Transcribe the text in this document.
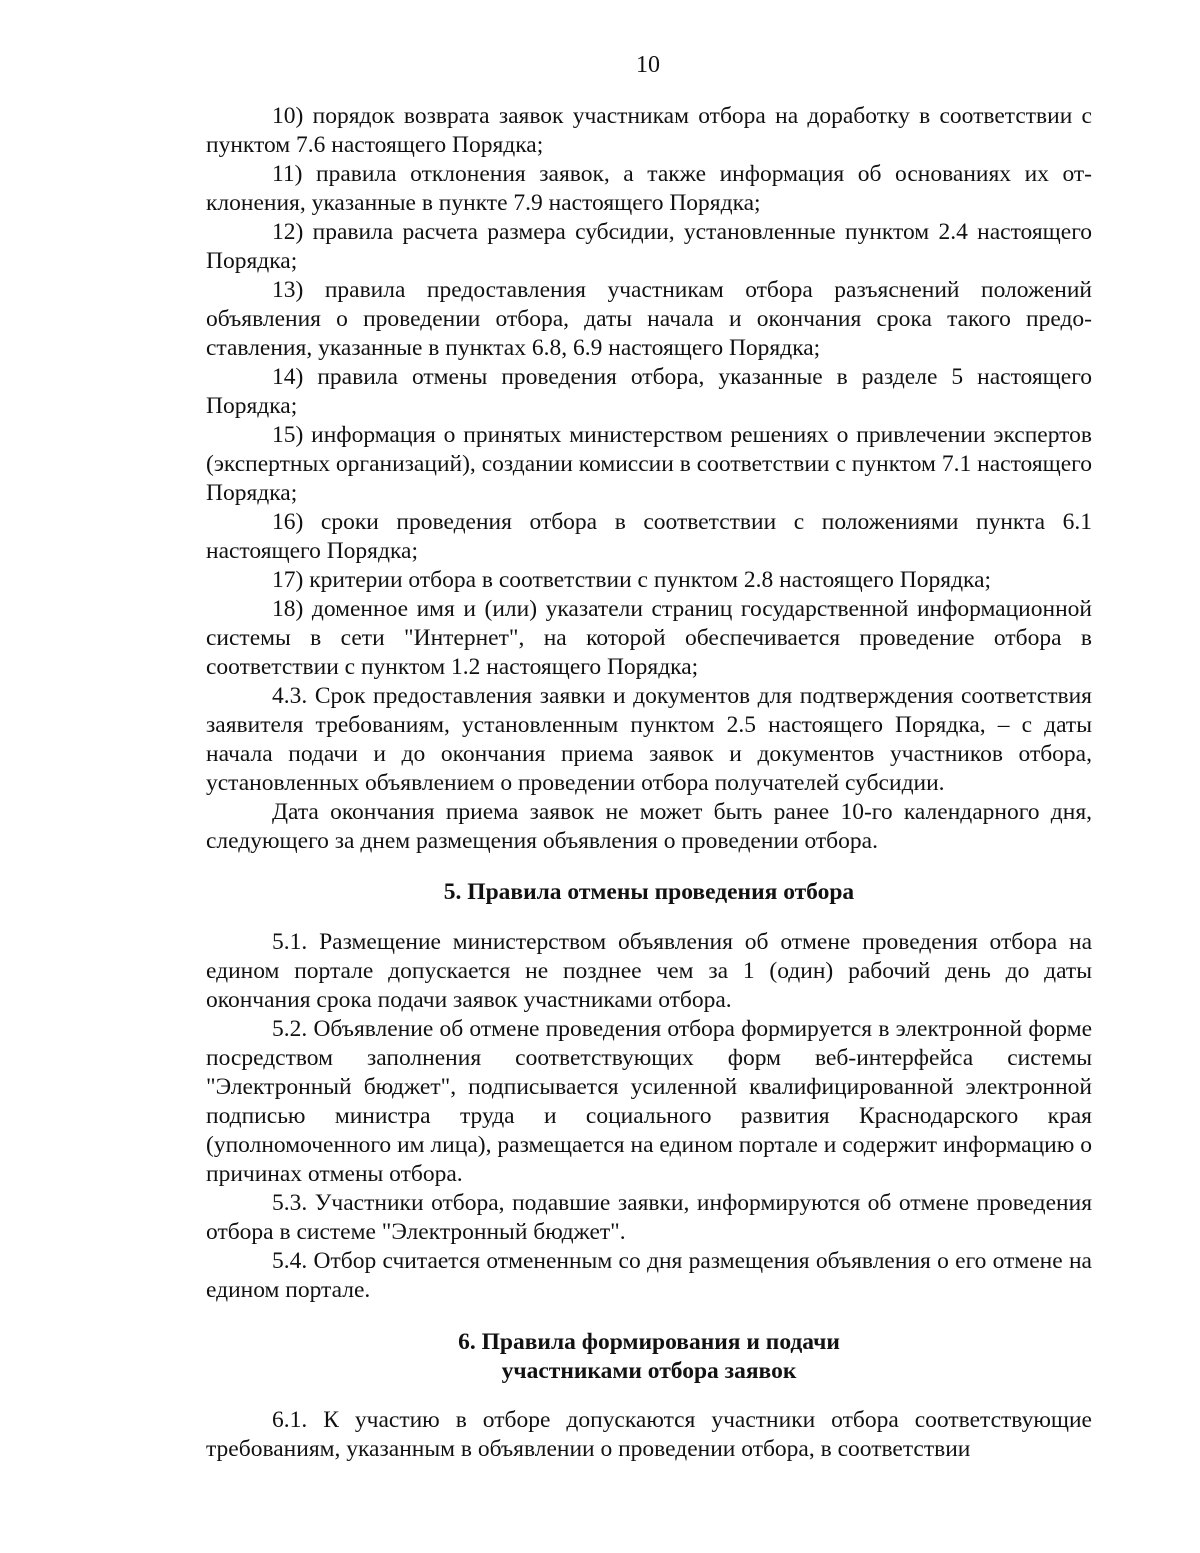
10

10) порядок возврата заявок участникам отбора на доработку в соответствии с пунктом 7.6 настоящего Порядка;

11) правила отклонения заявок, а также информация об основаниях их отклонения, указанные в пункте 7.9 настоящего Порядка;

12) правила расчета размера субсидии, установленные пунктом 2.4 настоящего Порядка;

13) правила предоставления участникам отбора разъяснений положений объявления о проведении отбора, даты начала и окончания срока такого предоставления, указанные в пунктах 6.8, 6.9 настоящего Порядка;

14) правила отмены проведения отбора, указанные в разделе 5 настоящего Порядка;

15) информация о принятых министерством решениях о привлечении экспертов (экспертных организаций), создании комиссии в соответствии с пунктом 7.1 настоящего Порядка;

16) сроки проведения отбора в соответствии с положениями пункта 6.1 настоящего Порядка;

17) критерии отбора в соответствии с пунктом 2.8 настоящего Порядка;

18) доменное имя и (или) указатели страниц государственной информационной системы в сети "Интернет", на которой обеспечивается проведение отбора в соответствии с пунктом 1.2 настоящего Порядка;

4.3. Срок предоставления заявки и документов для подтверждения соответствия заявителя требованиям, установленным пунктом 2.5 настоящего Порядка, – с даты начала подачи и до окончания приема заявок и документов участников отбора, установленных объявлением о проведении отбора получателей субсидии.

Дата окончания приема заявок не может быть ранее 10-го календарного дня, следующего за днем размещения объявления о проведении отбора.

5. Правила отмены проведения отбора

5.1. Размещение министерством объявления об отмене проведения отбора на едином портале допускается не позднее чем за 1 (один) рабочий день до даты окончания срока подачи заявок участниками отбора.

5.2. Объявление об отмене проведения отбора формируется в электронной форме посредством заполнения соответствующих форм веб-интерфейса системы "Электронный бюджет", подписывается усиленной квалифицированной электронной подписью министра труда и социального развития Краснодарского края (уполномоченного им лица), размещается на едином портале и содержит информацию о причинах отмены отбора.

5.3. Участники отбора, подавшие заявки, информируются об отмене проведения отбора в системе "Электронный бюджет".

5.4. Отбор считается отмененным со дня размещения объявления о его отмене на едином портале.

6. Правила формирования и подачи
участниками отбора заявок

6.1. К участию в отборе допускаются участники отбора соответствующие требованиям, указанным в объявлении о проведении отбора, в соответствии
